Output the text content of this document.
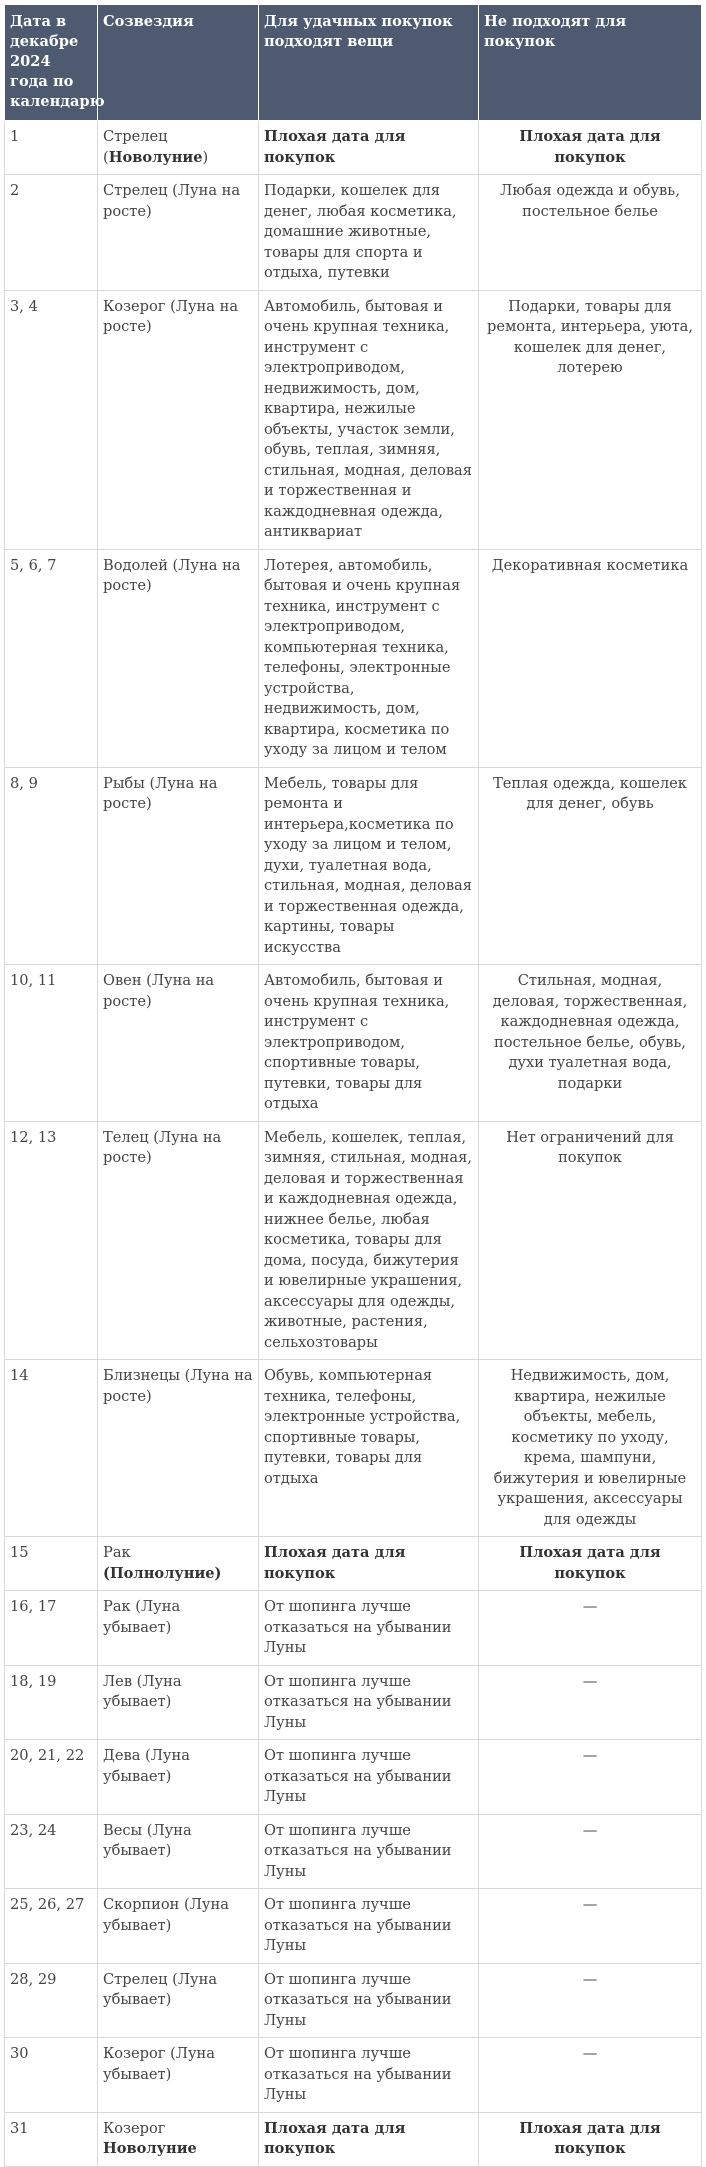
Дата в декабре 2024 года по календарю	Созвездия	Для удачных покупок подходят вещи	Не подходят для покупок
1	Стрелец (Новолуние)	Плохая дата для покупок	Плохая дата для покупок
2	Стрелец (Луна на росте)	Подарки, кошелек для денег, любая косметика, домашние животные, товары для спорта и отдыха, путевки	Любая одежда и обувь, постельное белье
3, 4	Козерог (Луна на росте)	Автомобиль, бытовая и очень крупная техника, инструмент с электроприводом, недвижимость, дом, квартира, нежилые объекты, участок земли, обувь, теплая, зимняя, стильная, модная, деловая и торжественная и каждодневная одежда, антиквариат	Подарки, товары для ремонта, интерьера, уюта, кошелек для денег, лотерею
5, 6, 7	Водолей (Луна на росте)	Лотерея, автомобиль, бытовая и очень крупная техника, инструмент с электроприводом, компьютерная техника, телефоны, электронные устройства, недвижимость, дом, квартира, косметика по уходу за лицом и телом	Декоративная косметика
8, 9	Рыбы (Луна на росте)	Мебель, товары для ремонта и интерьера,косметика по уходу за лицом и телом, духи, туалетная вода, стильная, модная, деловая и торжественная одежда, картины, товары искусства	Теплая одежда, кошелек для денег, обувь
10, 11	Овен (Луна на росте)	Автомобиль, бытовая и очень крупная техника, инструмент с электроприводом, спортивные товары, путевки, товары для отдыха	Стильная, модная, деловая, торжественная, каждодневная одежда, постельное белье, обувь, духи туалетная вода, подарки
12, 13	Телец (Луна на росте)	Мебель, кошелек, теплая, зимняя, стильная, модная, деловая и торжественная и каждодневная одежда, нижнее белье, любая косметика, товары для дома, посуда, бижутерия и ювелирные украшения, аксессуары для одежды, животные, растения, сельхозтовары	Нет ограничений для покупок
14	Близнецы (Луна на росте)	Обувь, компьютерная техника, телефоны, электронные устройства, спортивные товары, путевки, товары для отдыха	Недвижимость, дом, квартира, нежилые объекты, мебель, косметику по уходу, крема, шампуни, бижутерия и ювелирные украшения, аксессуары для одежды
15	Рак (Полнолуние)	Плохая дата для покупок	Плохая дата для покупок
16, 17	Рак (Луна убывает)	От шопинга лучше отказаться на убывании Луны	—
18, 19	Лев (Луна убывает)	От шопинга лучше отказаться на убывании Луны	—
20, 21, 22	Дева (Луна убывает)	От шопинга лучше отказаться на убывании Луны	—
23, 24	Весы (Луна убывает)	От шопинга лучше отказаться на убывании Луны	—
25, 26, 27	Скорпион (Луна убывает)	От шопинга лучше отказаться на убывании Луны	—
28, 29	Стрелец (Луна убывает)	От шопинга лучше отказаться на убывании Луны	—
30	Козерог (Луна убывает)	От шопинга лучше отказаться на убывании Луны	—
31	Козерог Новолуние	Плохая дата для покупок	Плохая дата для покупок
